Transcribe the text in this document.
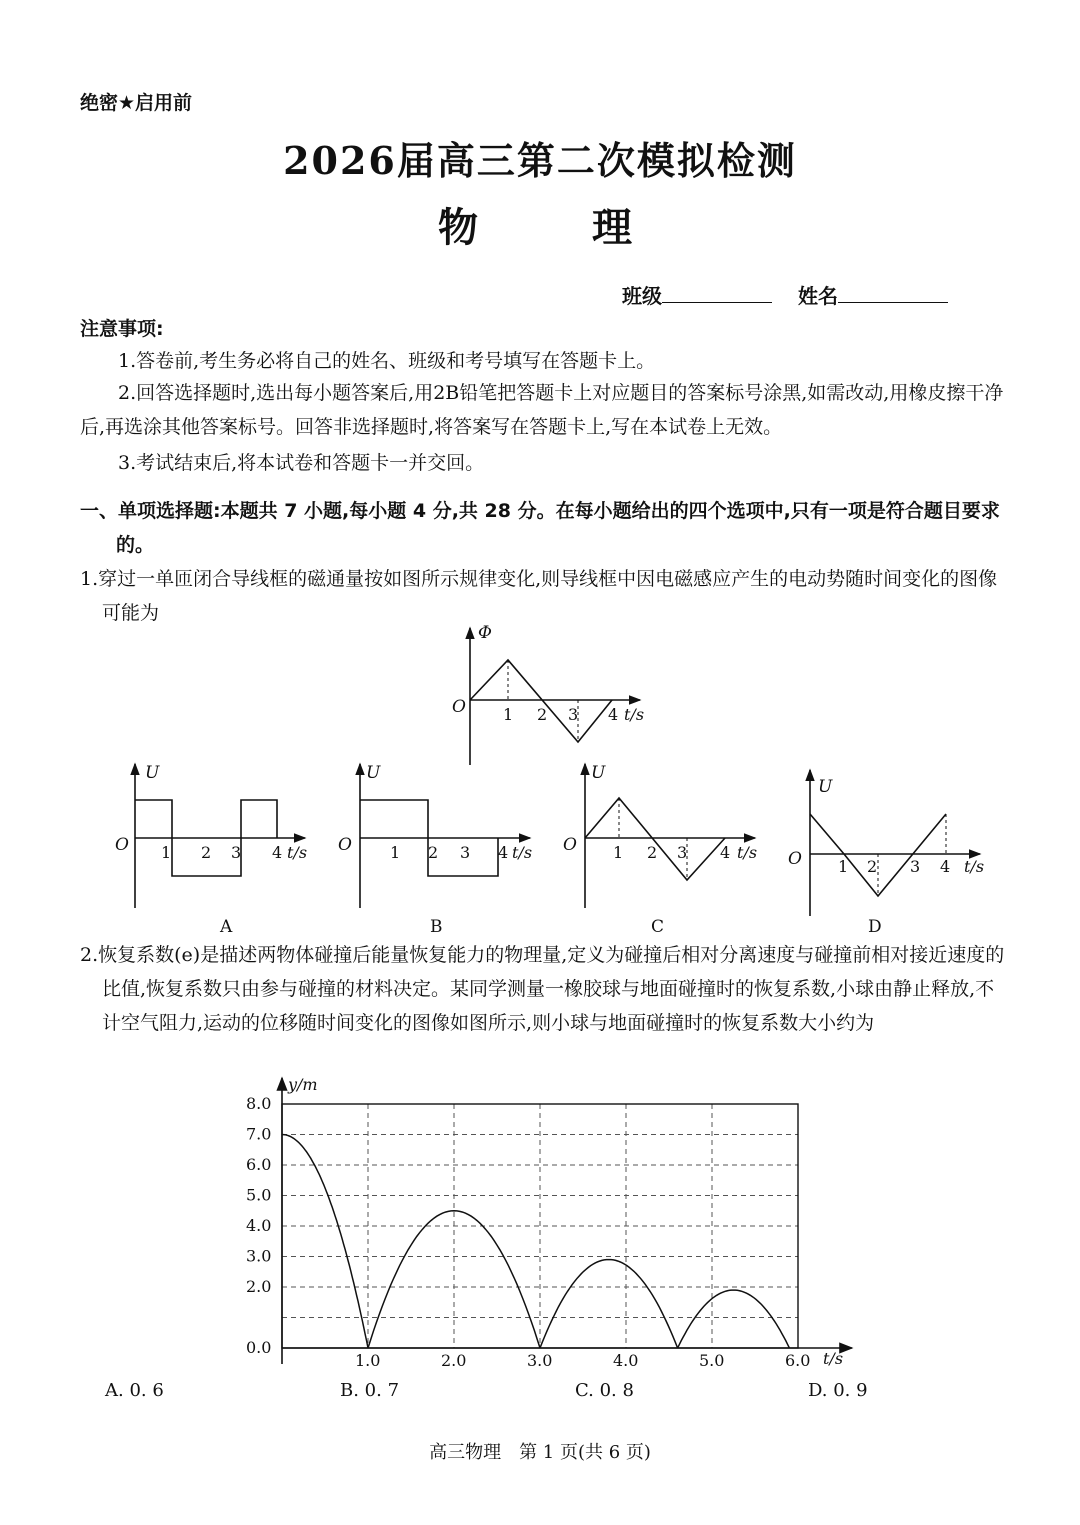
绝密★启用前
2026届高三第二次模拟检测
物 理
班级	姓名
注意事项:
1.答卷前,考生务必将自己的姓名、班级和考号填写在答题卡上。
2.回答选择题时,选出每小题答案后,用2B铅笔把答题卡上对应题目的答案标号涂黑,如需改动,用橡皮擦干净后,再选涂其他答案标号。回答非选择题时,将答案写在答题卡上,写在本试卷上无效。
3.考试结束后,将本试卷和答题卡一并交回。
一、单项选择题:本题共 7 小题,每小题 4 分,共 28 分。在每小题给出的四个选项中,只有一项是符合题目要求的。
1.穿过一单匝闭合导线框的磁通量按如图所示规律变化,则导线框中因电磁感应产生的电动势随时间变化的图像可能为
Φ
O 1 2 3 4 t/s
U
O 1 2 3 4 t/s
A
U
O 1 2 3 4 t/s
B
U
O 1 2 3 4 t/s
C
U
O 1 2 3 4 t/s
D
2.恢复系数(e)是描述两物体碰撞后能量恢复能力的物理量,定义为碰撞后相对分离速度与碰撞前相对接近速度的比值,恢复系数只由参与碰撞的材料决定。某同学测量一橡胶球与地面碰撞时的恢复系数,小球由静止释放,不计空气阻力,运动的位移随时间变化的图像如图所示,则小球与地面碰撞时的恢复系数大小约为
y/m
t/s
0.0
2.0
3.0
4.0
5.0
6.0
7.0
8.0
1.0	2.0	3.0	4.0	5.0	6.0
A. 0. 6	B. 0. 7	C. 0. 8	D. 0. 9
高三物理　第 1 页(共 6 页)
